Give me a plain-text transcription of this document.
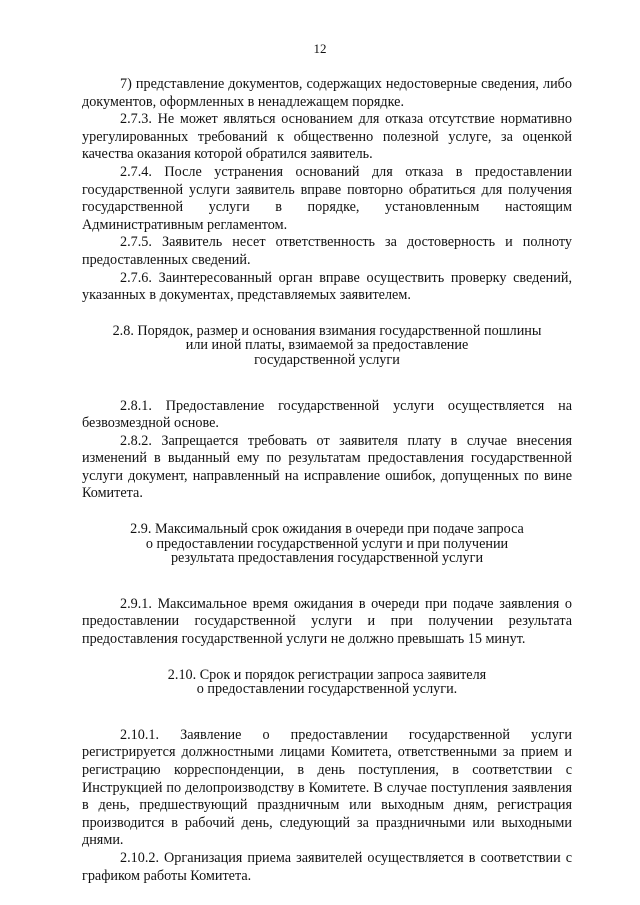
12

7) представление документов, содержащих недостоверные сведения, либо документов, оформленных в ненадлежащем порядке.

2.7.3. Не может являться основанием для отказа отсутствие нормативно урегулированных требований к общественно полезной услуге, за оценкой качества оказания которой обратился заявитель.

2.7.4. После устранения оснований для отказа в предоставлении государственной услуги заявитель вправе повторно обратиться для получения государственной услуги в порядке, установленным настоящим Административным регламентом.

2.7.5. Заявитель несет ответственность за достоверность и полноту предоставленных сведений.

2.7.6. Заинтересованный орган вправе осуществить проверку сведений, указанных в документах, представляемых заявителем.

2.8. Порядок, размер и основания взимания государственной пошлины
или иной платы, взимаемой за предоставление
государственной услуги

2.8.1. Предоставление государственной услуги осуществляется на безвозмездной основе.

2.8.2. Запрещается требовать от заявителя плату в случае внесения изменений в выданный ему по результатам предоставления государственной услуги документ, направленный на исправление ошибок, допущенных по вине Комитета.

2.9. Максимальный срок ожидания в очереди при подаче запроса
о предоставлении государственной услуги и при получении
результата предоставления государственной услуги

2.9.1. Максимальное время ожидания в очереди при подаче заявления о предоставлении государственной услуги и при получении результата предоставления государственной услуги не должно превышать 15 минут.

2.10. Срок и порядок регистрации запроса заявителя
о предоставлении государственной услуги.

2.10.1. Заявление о предоставлении государственной услуги регистрируется должностными лицами Комитета, ответственными за прием и регистрацию корреспонденции, в день поступления, в соответствии с Инструкцией по делопроизводству в Комитете. В случае поступления заявления в день, предшествующий праздничным или выходным дням, регистрация производится в рабочий день, следующий за праздничными или выходными днями.

2.10.2. Организация приема заявителей осуществляется в соответствии с графиком работы Комитета.
